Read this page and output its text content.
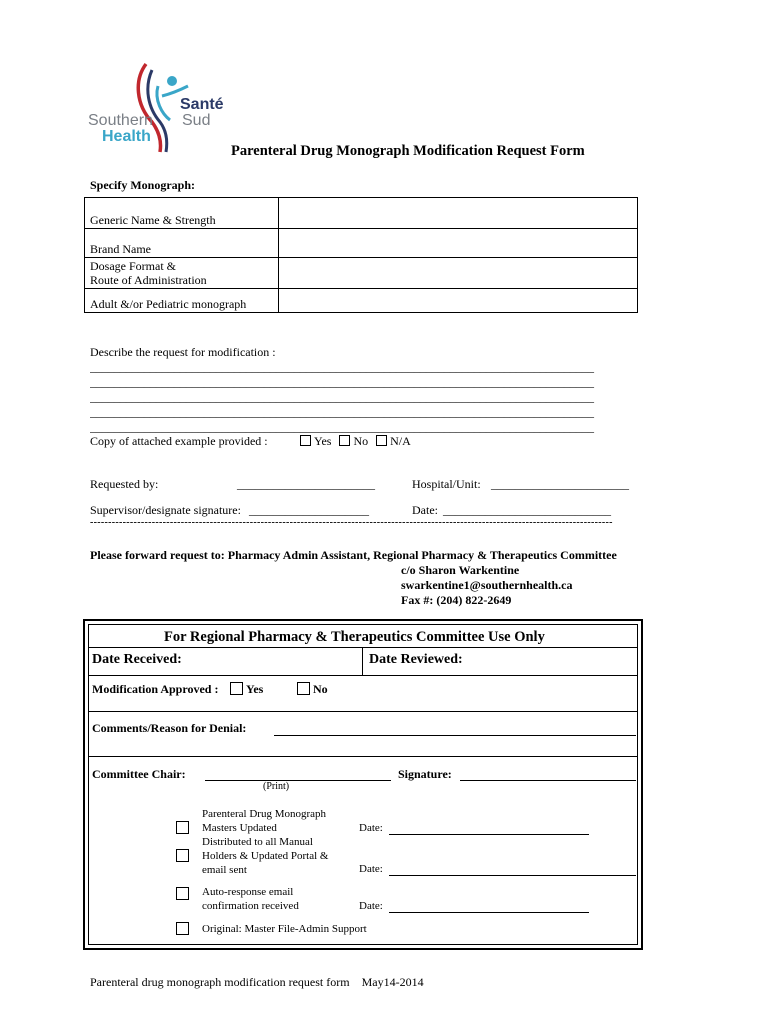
Southern
Health
Santé
Sud
Parenteral Drug Monograph Modification Request Form
Specify Monograph:
Generic Name & Strength	
Brand Name	
Dosage Format &
Route of Administration	
Adult &/or Pediatric monograph	
Describe the request for modification :
____________________________________________________________________________________
____________________________________________________________________________________
____________________________________________________________________________________
____________________________________________________________________________________
____________________________________________________________________________________
Copy of attached example provided :	Yes No N/A
Requested by:	_______________________	Hospital/Unit: _______________________
Supervisor/designate signature: ____________________	Date: ____________________________
------------------------------------------------------------------------------------------------------------------------------------------------
Please forward request to: Pharmacy Admin Assistant, Regional Pharmacy & Therapeutics Committee
c/o Sharon Warkentine
swarkentine1@southernhealth.ca
Fax #: (204) 822-2649
For Regional Pharmacy & Therapeutics Committee Use Only
Date Received:	Date Reviewed:
Modification Approved : Yes	No
Comments/Reason for Denial:
Committee Chair:
(Print)
Signature:
Parenteral Drug Monograph
Masters Updated	Date:
Distributed to all Manual
Holders & Updated Portal &
email sent	Date:
Auto-response email
confirmation received	Date:
Original: Master File-Admin Support
Parenteral drug monograph modification request form    May14-2014
